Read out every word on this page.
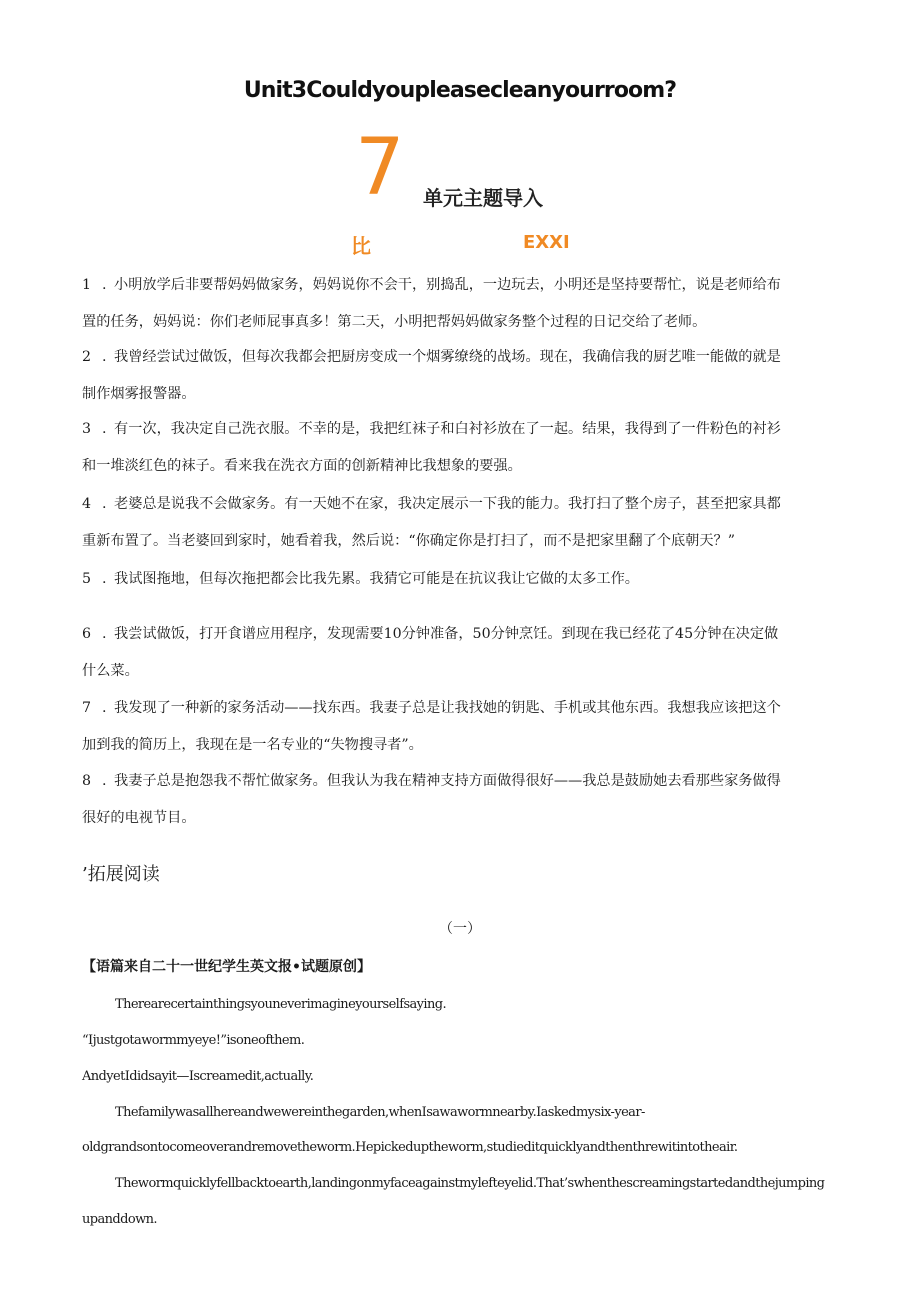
Unit3Couldyoupleasecleanyourroom?
7 单元主题导入
比	EXXI
1 . 小明放学后非要帮妈妈做家务，妈妈说你不会干，别捣乱，一边玩去，小明还是坚持要帮忙，说是老师给布
置的任务，妈妈说：你们老师屁事真多！第二天，小明把帮妈妈做家务整个过程的日记交给了老师。
2 . 我曾经尝试过做饭，但每次我都会把厨房变成一个烟雾缭绕的战场。现在，我确信我的厨艺唯一能做的就是
制作烟雾报警器。
3 . 有一次，我决定自己洗衣服。不幸的是，我把红袜子和白衬衫放在了一起。结果，我得到了一件粉色的衬衫
和一堆淡红色的袜子。看来我在洗衣方面的创新精神比我想象的要强。
4 . 老婆总是说我不会做家务。有一天她不在家，我决定展示一下我的能力。我打扫了整个房子，甚至把家具都
重新布置了。当老婆回到家时，她看着我，然后说：“你确定你是打扫了，而不是把家里翻了个底朝天？”
5 . 我试图拖地，但每次拖把都会比我先累。我猜它可能是在抗议我让它做的太多工作。
6 . 我尝试做饭，打开食谱应用程序，发现需要10分钟准备，50分钟烹饪。到现在我已经花了45分钟在决定做
什么菜。
7 . 我发现了一种新的家务活动——找东西。我妻子总是让我找她的钥匙、手机或其他东西。我想我应该把这个
加到我的简历上，我现在是一名专业的“失物搜寻者”。
8 . 我妻子总是抱怨我不帮忙做家务。但我认为我在精神支持方面做得很好——我总是鼓励她去看那些家务做得
很好的电视节目。
’拓展阅读
（一）
【语篇来自二十一世纪学生英文报•试题原创】
Therearecertainthingsyouneverimagineyourselfsaying.
“Ijustgotawormmyeye!”isoneofthem.
AndyetIdidsayit—Iscreamedit,actually.
Thefamilywasallhereandwewereinthegarden,whenIsawawormnearby.Iaskedmysix-year-
oldgrandsontocomeoverandremovetheworm.Hepickeduptheworm,studieditquicklyandthenthrewitintotheair.
Thewormquicklyfellbacktoearth,landingonmyfaceagainstmylefteyelid.That’swhenthescreamingstartedandthejumping
upanddown.
